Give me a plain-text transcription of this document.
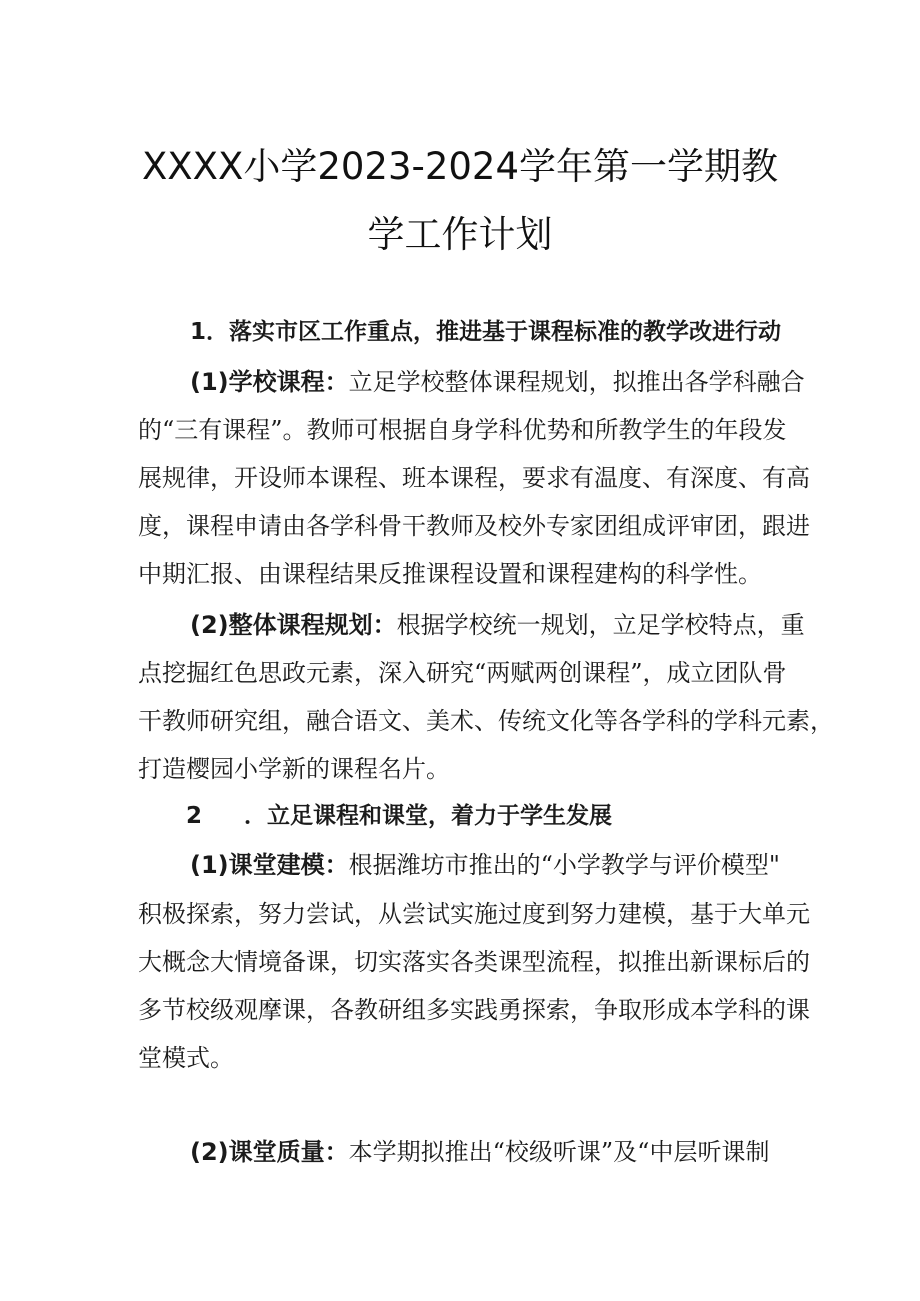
XXXX小学2023-2024学年第一学期教
学工作计划
1．落实市区工作重点，推进基于课程标准的教学改进行动
(1)学校课程：立足学校整体课程规划，拟推出各学科融合
的“三有课程”。教师可根据自身学科优势和所教学生的年段发
展规律，开设师本课程、班本课程，要求有温度、有深度、有高
度，课程申请由各学科骨干教师及校外专家团组成评审团，跟进
中期汇报、由课程结果反推课程设置和课程建构的科学性。
(2)整体课程规划：根据学校统一规划，立足学校特点，重
点挖掘红色思政元素，深入研究“两赋两创课程”，成立团队骨
干教师研究组，融合语文、美术、传统文化等各学科的学科元素，
打造樱园小学新的课程名片。
2 ．立足课程和课堂，着力于学生发展
(1)课堂建模：根据潍坊市推出的“小学教学与评价模型"
积极探索，努力尝试，从尝试实施过度到努力建模，基于大单元
大概念大情境备课，切实落实各类课型流程，拟推出新课标后的
多节校级观摩课，各教研组多实践勇探索，争取形成本学科的课
堂模式。
(2)课堂质量：本学期拟推出“校级听课”及“中层听课制
